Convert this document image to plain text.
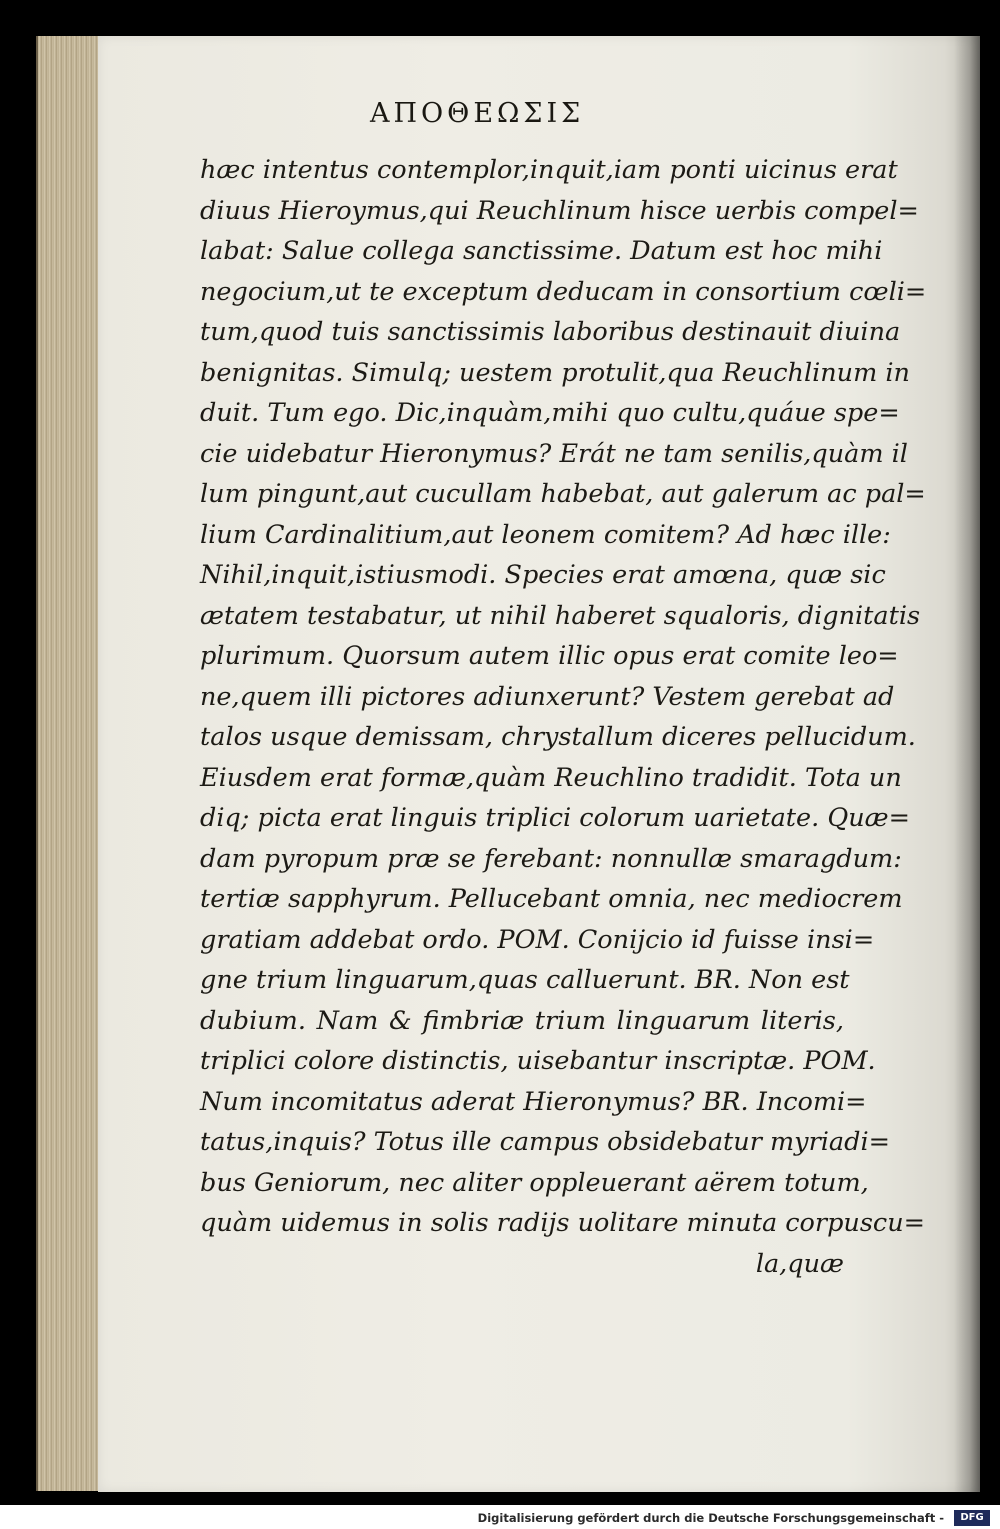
ΑΠΟΘΕΩΣΙΣ
hæc intentus contemplor,inquit,iam ponti uicinus erat
diuus Hieroymus,qui Reuchlinum hisce uerbis compel=
labat: Salue collega sanctissime. Datum est hoc mihi
negocium,ut te exceptum deducam in consortium cœli=
tum,quod tuis sanctissimis laboribus destinauit diuina
benignitas. Simulq; uestem protulit,qua Reuchlinum in
duit. Tum ego. Dic,inquàm,mihi quo cultu,quáue spe=
cie uidebatur Hieronymus? Erát ne tam senilis,quàm il
lum pingunt,aut cucullam habebat, aut galerum ac pal=
lium Cardinalitium,aut leonem comitem? Ad hæc ille:
Nihil,inquit,istiusmodi. Species erat amœna, quæ sic
ætatem testabatur, ut nihil haberet squaloris, dignitatis
plurimum. Quorsum autem illic opus erat comite leo=
ne,quem illi pictores adiunxerunt? Vestem gerebat ad
talos usque demissam, chrystallum diceres pellucidum.
Eiusdem erat formæ,quàm Reuchlino tradidit. Tota un
diq; picta erat linguis triplici colorum uarietate. Quæ=
dam pyropum præ se ferebant: nonnullæ smaragdum:
tertiæ sapphyrum. Pellucebant omnia, nec mediocrem
gratiam addebat ordo. POM. Conijcio id fuisse insi=
gne trium linguarum,quas calluerunt. BR. Non est
dubium. Nam & fimbriæ trium linguarum literis,
triplici colore distinctis, uisebantur inscriptæ. POM.
Num incomitatus aderat Hieronymus? BR. Incomi=
tatus,inquis? Totus ille campus obsidebatur myriadi=
bus Geniorum, nec aliter oppleuerant aërem totum,
quàm uidemus in solis radijs uolitare minuta corpuscu=
la,quæ
Digitalisierung gefördert durch die Deutsche Forschungsgemeinschaft -	DFG
